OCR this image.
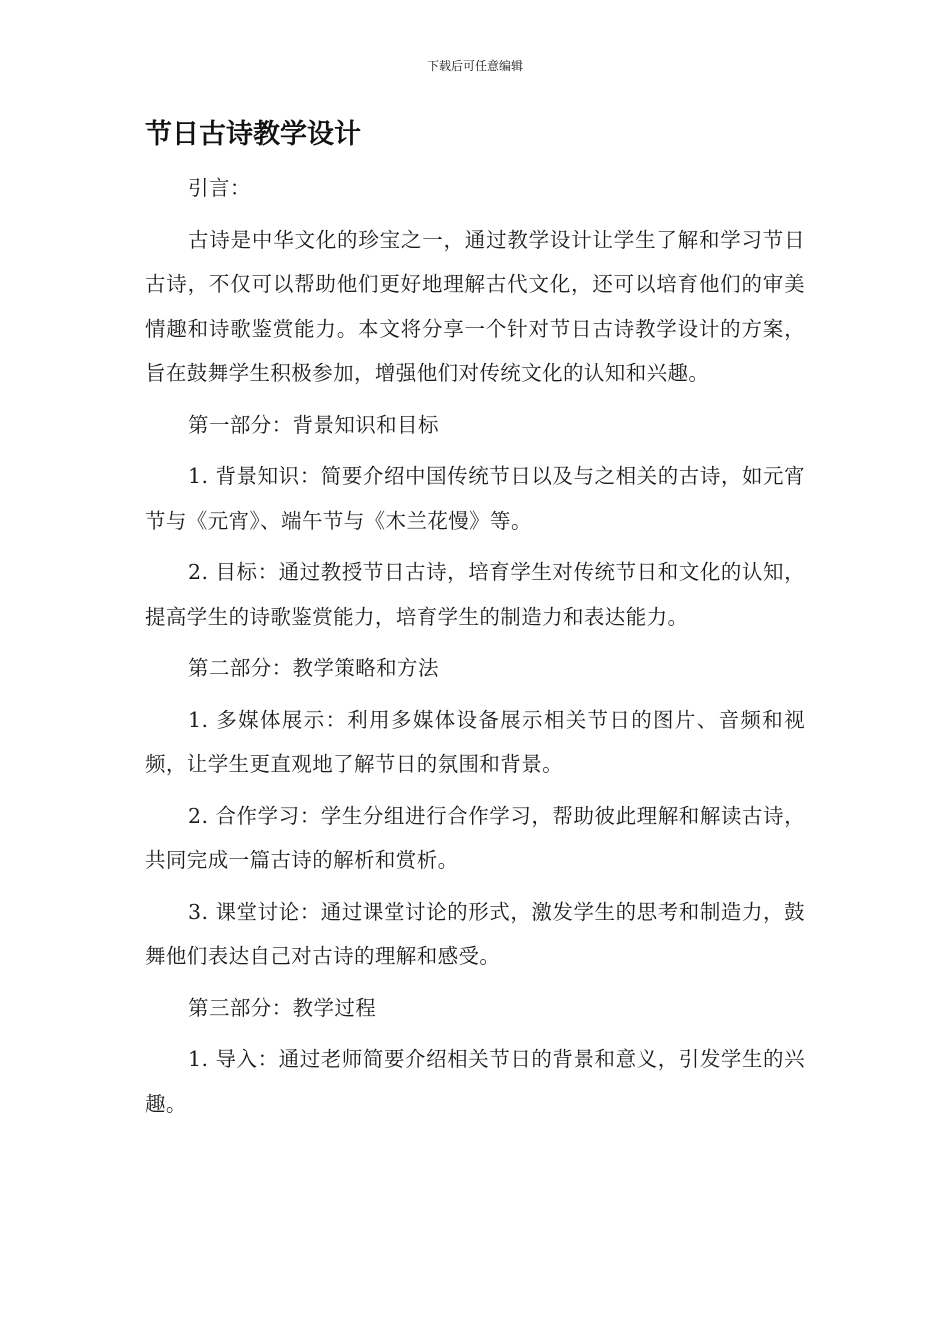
下载后可任意编辑
节日古诗教学设计

引言：

古诗是中华文化的珍宝之一，通过教学设计让学生了解和学习节日古诗，不仅可以帮助他们更好地理解古代文化，还可以培育他们的审美情趣和诗歌鉴赏能力。本文将分享一个针对节日古诗教学设计的方案，旨在鼓舞学生积极参加，增强他们对传统文化的认知和兴趣。

第一部分：背景知识和目标

1. 背景知识：简要介绍中国传统节日以及与之相关的古诗，如元宵节与《元宵》、端午节与《木兰花慢》等。

2. 目标：通过教授节日古诗，培育学生对传统节日和文化的认知，提高学生的诗歌鉴赏能力，培育学生的制造力和表达能力。

第二部分：教学策略和方法

1. 多媒体展示：利用多媒体设备展示相关节日的图片、音频和视频，让学生更直观地了解节日的氛围和背景。

2. 合作学习：学生分组进行合作学习，帮助彼此理解和解读古诗，共同完成一篇古诗的解析和赏析。

3. 课堂讨论：通过课堂讨论的形式，激发学生的思考和制造力，鼓舞他们表达自己对古诗的理解和感受。

第三部分：教学过程

1. 导入：通过老师简要介绍相关节日的背景和意义，引发学生的兴趣。
